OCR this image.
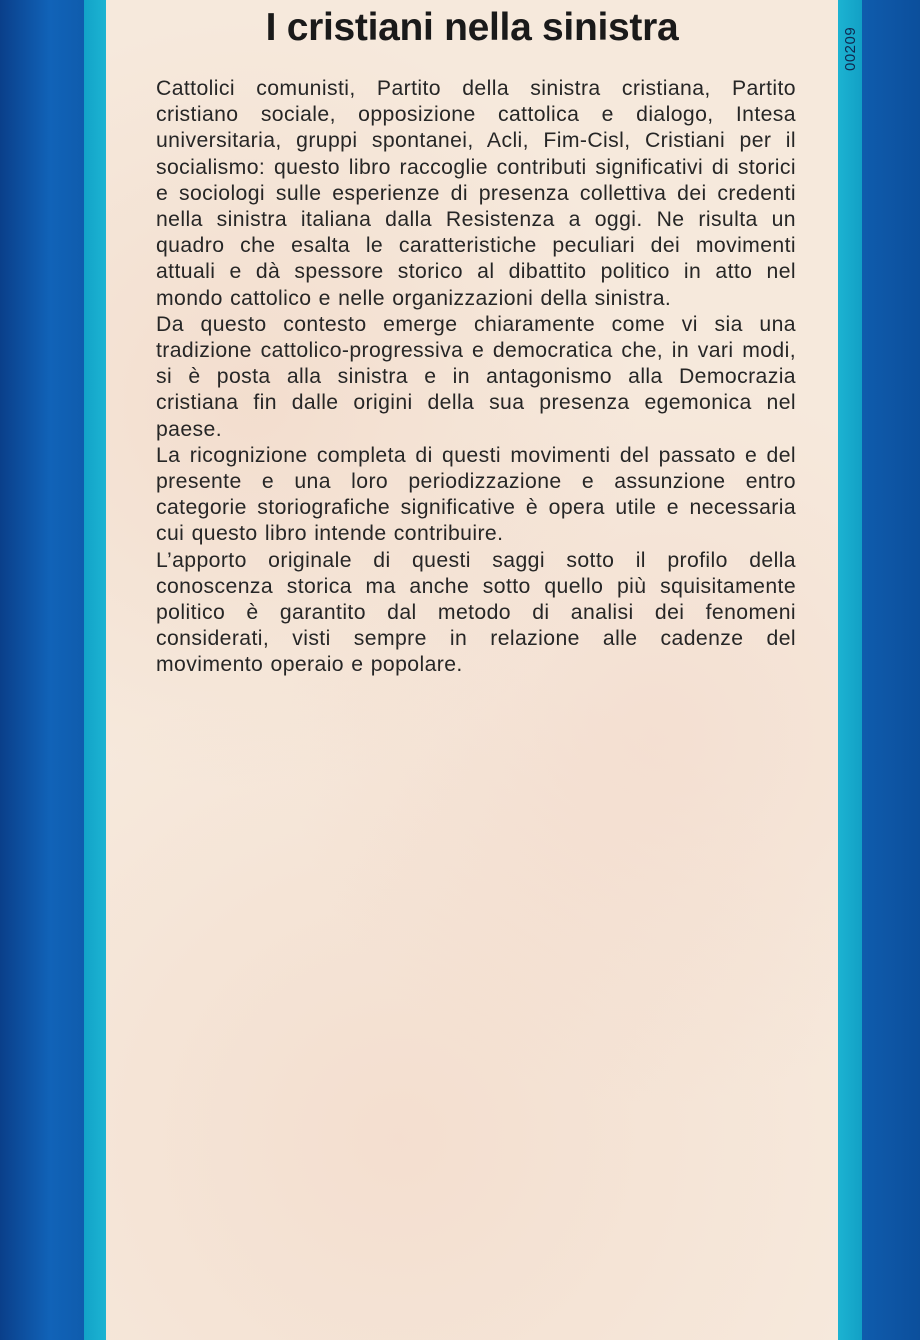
I cristiani nella sinistra	00209

Cattolici comunisti, Partito della sinistra cristiana, Partito cristiano sociale, opposizione cattolica e dialogo, Intesa universitaria, gruppi spontanei, Acli, Fim-Cisl, Cristiani per il socialismo: questo libro raccoglie contributi significativi di storici e sociologi sulle esperienze di presenza collettiva dei credenti nella sinistra italiana dalla Resistenza a oggi. Ne risulta un quadro che esalta le caratteristiche peculiari dei movimenti attuali e dà spessore storico al dibattito politico in atto nel mondo cattolico e nelle organizzazioni della sinistra.

Da questo contesto emerge chiaramente come vi sia una tradizione cattolico-progressiva e democratica che, in vari modi, si è posta alla sinistra e in antagonismo alla Democrazia cristiana fin dalle origini della sua presenza egemonica nel paese.

La ricognizione completa di questi movimenti del passato e del presente e una loro periodizzazione e assunzione entro categorie storiografiche significative è opera utile e necessaria cui questo libro intende contribuire.

L’apporto originale di questi saggi sotto il profilo della conoscenza storica ma anche sotto quello più squisitamente politico è garantito dal metodo di analisi dei fenomeni considerati, visti sempre in relazione alle cadenze del movimento operaio e popolare.
